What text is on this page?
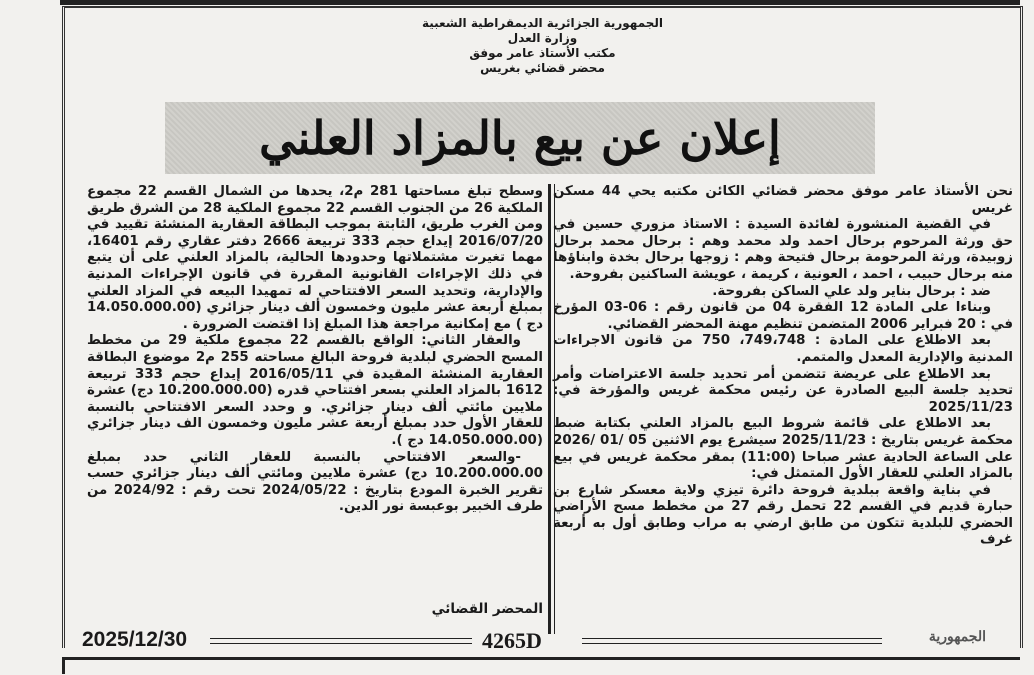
الجمهورية الجزائرية الديمقراطية الشعبية
وزارة العدل
مكتب الأستاذ عامر موفق
محضر قضائي بغريس
إعلان عن بيع بالمزاد العلني

نحن الأستاذ عامر موفق محضر قضائي الكائن مكتبه يحي 44 مسكن غريس

في القضية المنشورة لفائدة السيدة : الاستاذ مزوري حسين في حق ورثة المرحوم برحال احمد ولد محمد وهم : برحال محمد برحال زوبيدة، ورثة المرحومة برحال فتيحة وهم : زوجها برحال بخدة وابناؤها منه برحال حبيب ، احمد ، العونية ، كريمة ، عويشة الساكنين بفروحة.

ضد : برحال بناير ولد علي الساكن بفروحة.

وبناءا على المادة 12 الفقرة 04 من قانون رقم : 06-03 المؤرخ في : 20 فبراير 2006 المتضمن تنظيم مهنة المحضر القضائي.

بعد الاطلاع على المادة : 749،748، 750 من قانون الاجراءات المدنية والإدارية المعدل والمتمم.

بعد الاطلاع على عريضة تتضمن أمر تحديد جلسة الاعتراضات وأمر تحديد جلسة البيع الصادرة عن رئيس محكمة غريس والمؤرخة في: 2025/11/23

بعد الاطلاع على قائمة شروط البيع بالمزاد العلني بكتابة ضبط محكمة غريس بتاريخ : 2025/11/23 سيشرع يوم الاثنين 05 /01 /2026 على الساعة الحادية عشر صباحا (11:00) بمقر محكمة غريس في بيع بالمزاد العلني للعقار الأول المتمثل في:

في بناية واقعة ببلدية فروحة دائرة تيزي ولاية معسكر شارع بن حبارة قديم في القسم 22 تحمل رقم 27 من مخطط مسح الأراضي الحضري للبلدية تتكون من طابق ارضي به مراب وطابق أول به أربعة غرف

وسطح تبلغ مساحتها 281 م2، يحدها من الشمال القسم 22 مجموع الملكية 26 من الجنوب القسم 22 مجموع الملكية 28 من الشرق طريق ومن الغرب طريق، الثابتة بموجب البطاقة العقارية المنشئة تقييد في 2016/07/20 إيداع حجم 333 تربيعة 2666 دفتر عقاري رقم 16401، مهما تغيرت مشتملاتها وحدودها الحالية، بالمزاد العلني على أن يتبع في ذلك الإجراءات القانونية المقررة في قانون الإجراءات المدنية والإدارية، وتحديد السعر الافتتاحي له تمهيدا البيعه في المزاد العلني بمبلغ أربعة عشر مليون وخمسون ألف دينار جزائري (14.050.000.00 دج ) مع إمكانية مراجعة هذا المبلغ إذا اقتضت الضرورة .

والعقار الثاني: الواقع بالقسم 22 مجموع ملكية 29 من مخطط المسح الحضري لبلدية فروحة البالغ مساحته 255 م2 موضوع البطاقة العقارية المنشئة المقيدة في 2016/05/11 إيداع حجم 333 تربيعة 1612 بالمزاد العلني بسعر افتتاحي قدره (10.200.000.00 دج) عشرة ملايين مائتي ألف دينار جزائري. و وحدد السعر الافتتاحي بالنسبة للعقار الأول حدد بمبلغ أربعة عشر مليون وخمسون الف دينار جزائري (14.050.000.00 دج ).

-والسعر الافتتاحي بالنسبة للعقار الثاني حدد بمبلغ 10.200.000.00 دج) عشرة ملايين ومائتي ألف دينار جزائري حسب تقرير الخبرة المودع بتاريخ : 2024/05/22 تحت رقم : 2024/92 من طرف الخبير بوعبسة نور الدين.

المحضر القضائي
2025/12/30	4265D	الجمهورية
